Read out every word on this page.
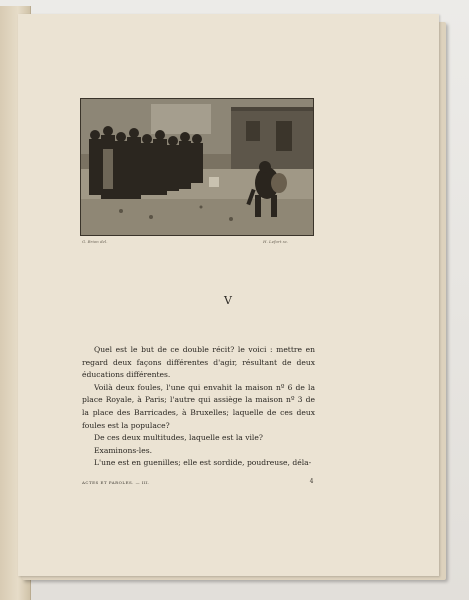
G. Brion del.	H. Lefort sc.
V

Quel est le but de ce double récit? le voici : mettre en regard deux façons différentes d'agir, résultant de deux éducations différentes.

Voilà deux foules, l'une qui envahit la maison nº 6 de la place Royale, à Paris; l'autre qui assiège la maison nº 3 de la place des Barricades, à Bruxelles; laquelle de ces deux foules est la populace?

De ces deux multitudes, laquelle est la vile?

Examinons-les.

L'une est en guenilles; elle est sordide, poudreuse, déla-

ACTES ET PAROLES. — III.	4
